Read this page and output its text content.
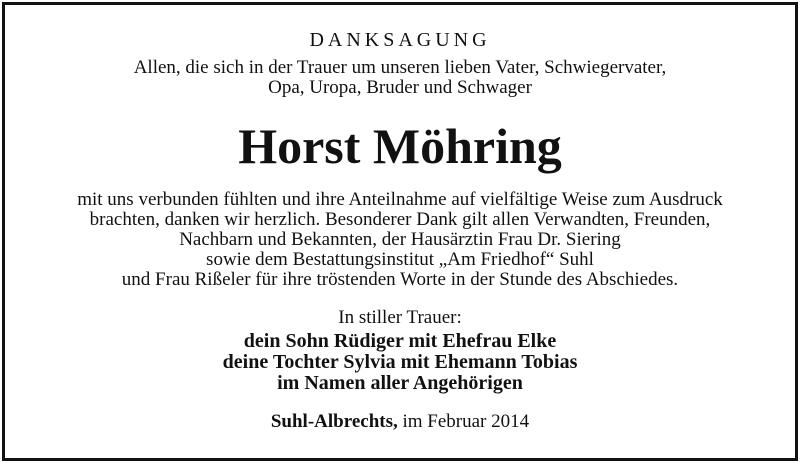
DANKSAGUNG
Allen, die sich in der Trauer um unseren lieben Vater, Schwiegervater,
Opa, Uropa, Bruder und Schwager
Horst Möhring
mit uns verbunden fühlten und ihre Anteilnahme auf vielfältige Weise zum Ausdruck
brachten, danken wir herzlich. Besonderer Dank gilt allen Verwandten, Freunden,
Nachbarn und Bekannten, der Hausärztin Frau Dr. Siering
sowie dem Bestattungsinstitut „Am Friedhof“ Suhl
und Frau Rißeler für ihre tröstenden Worte in der Stunde des Abschiedes.
In stiller Trauer:
dein Sohn Rüdiger mit Ehefrau Elke
deine Tochter Sylvia mit Ehemann Tobias
im Namen aller Angehörigen
Suhl-Albrechts, im Februar 2014
